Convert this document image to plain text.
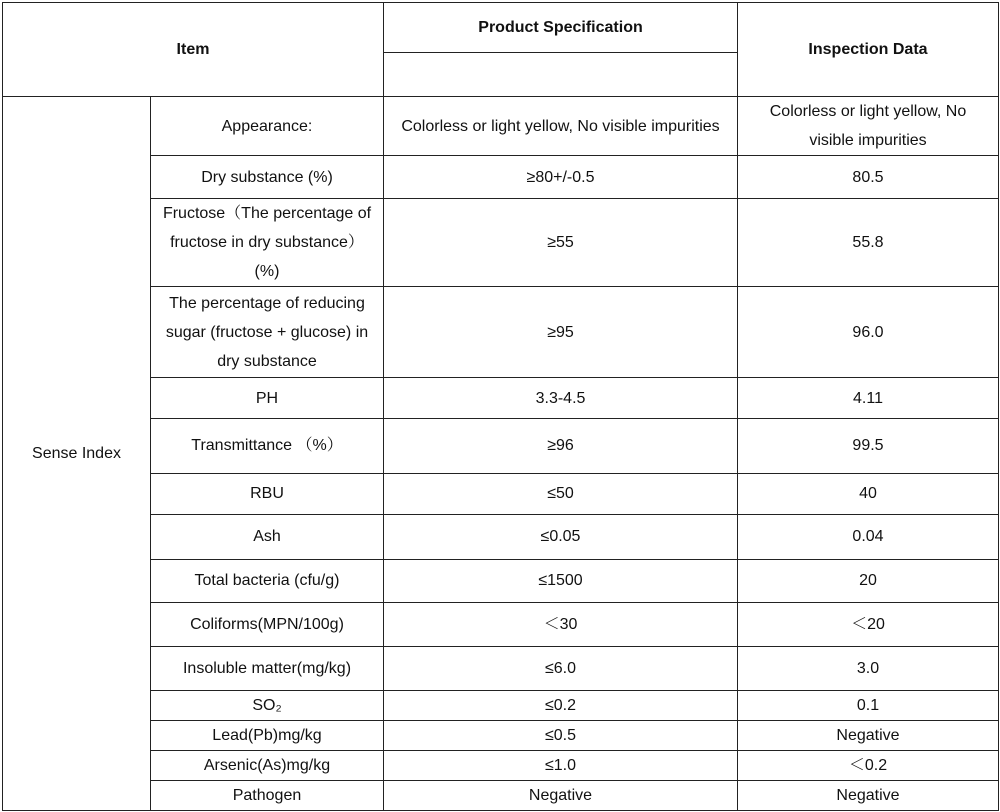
Item		Product Specification	Inspection Data

Sense Index	Appearance:	Colorless or light yellow, No visible impurities	Colorless or light yellow, No visible impurities
	Dry substance (%)	≥80+/-0.5	80.5
	Fructose（The percentage of fructose in dry substance）(%)	≥55	55.8
	The percentage of reducing sugar (fructose + glucose) in dry substance	≥95	96.0
	PH	3.3-4.5	4.11
	Transmittance （%）	≥96	99.5
	RBU	≤50	40
	Ash	≤0.05	0.04
	Total bacteria (cfu/g)	≤1500	20
	Coliforms(MPN/100g)	＜30	＜20
	Insoluble matter(mg/kg)	≤6.0	3.0
	SO₂	≤0.2	0.1
	Lead(Pb)mg/kg	≤0.5	Negative
	Arsenic(As)mg/kg	≤1.0	＜0.2
	Pathogen	Negative	Negative
